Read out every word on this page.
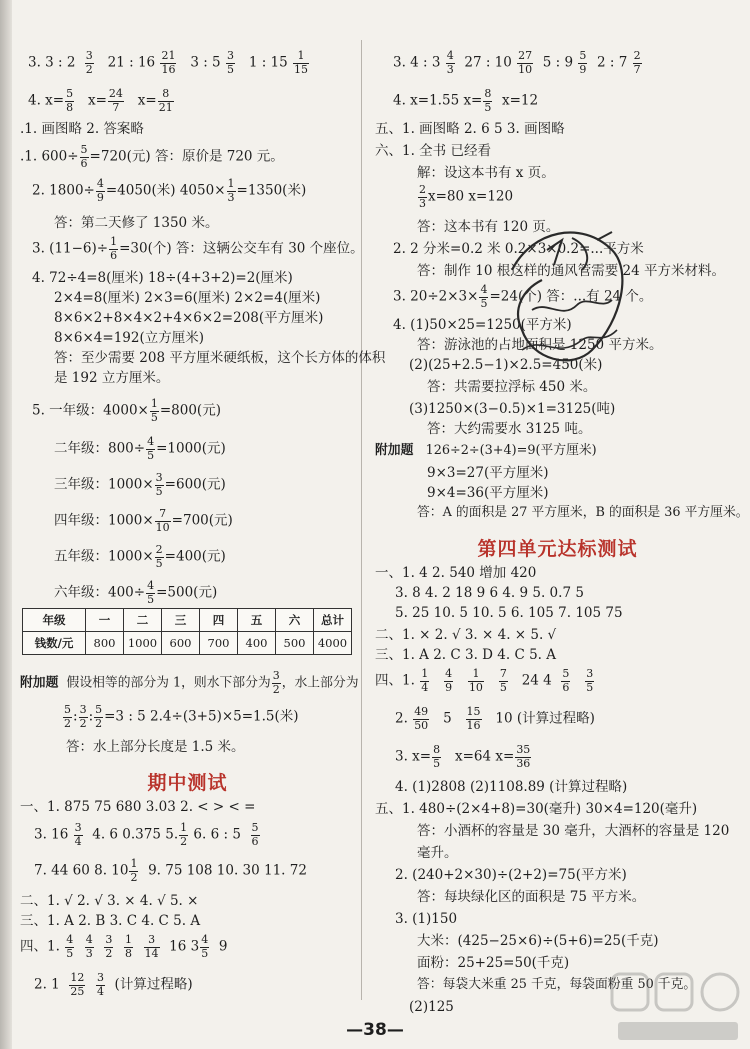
3. 3 : $2 \frac{3}{2} 21$ : $16 \frac{21}{16} 3$ : $5 \frac{3}{5} 1$ : $15 \frac{1}{15}$
4. $x= \frac{5}{8} x= \frac{24}{7} x= \frac{8}{21}$
.1. 画图略 2. 答案略
.1. $600\div \frac{5}{6} =720$(元) 答：原价是 720 元。
2. $1800\div \frac{4}{9} =4050$(米) $4050\times \frac{1}{3} =1350$(米)
答：第二天修了 1350 米。
3. $(11-6)\div \frac{1}{6} =30$(个) 答：这辆公交车有 30 个座位。
4. 72÷4=8(厘米) 18÷(4+3+2)=2(厘米)
2×4=8(厘米) 2×3=6(厘米) 2×2=4(厘米)
8×6×2+8×4×2+4×6×2=208(平方厘米)
8×6×4=192(立方厘米)
答：至少需要 208 平方厘米硬纸板，这个长方体的体积
是 192 立方厘米。
5. 一年级：$4000\times \frac{1}{5} =800$(元)
二年级：$800\div \frac{4}{5} =1000$(元)
三年级：$1000\times \frac{3}{5} =600$(元)
四年级：$1000\times \frac{7}{10} =700$(元)
五年级：$1000\times \frac{2}{5} =400$(元)
六年级：$400\div \frac{4}{5} =500$(元)
年级	一	二	三	四	五	六	总计
钱数/元	800	1000	600	700	400	500	4000
附加题 假设相等的部分为 1，则水下部分为 $\frac{3}{2}$ ，水上部分为
$\frac{5}{2}$ : $\frac{3}{2}$ : $\frac{5}{2} =3$ : 5 2.4÷(3+5)×5=1.5(米)
答：水上部分长度是 1.5 米。
期中测试
一、1. 875 75 680 3.03 2. < > < =
3. $16 \frac{3}{4} 4$. 6 0.375 5. $\frac{1}{2} 6$. 6 : $5 \frac{5}{6}$
7. 44 60 8. $10 \frac{1}{2} 9$. 75 108 10. 30 11. 72
二、1. √ 2. √ 3. × 4. √ 5. ×
三、1. A 2. B 3. C 4. C 5. A
四、1. $\frac{4}{5}$
$\frac{4}{3}$
$\frac{3}{2}$
$\frac{1}{8}$
$\frac{3}{14} 16$ $3 \frac{4}{5} 9$
2. $1 \frac{12}{25}$
$\frac{3}{4}$ (计算过程略)
3. 4 : $3 \frac{4}{3} 27$ : $10 \frac{27}{10} 5$ : $9 \frac{5}{9} 2$ : $7 \frac{2}{7}$
4. x=1.55 $x= \frac{8}{5} x=12$
五、1. 画图略 2. 6 5 3. 画图略
六、1. 全书 已经看
解：设这本书有 x 页。
$\frac{2}{3} x=80$ x=120
答：这本书有 120 页。
2. 2 分米=0.2 米 0.2×3×0.2=...平方米
答：制作 10 根这样的通风管需要 24 平方米材料。
3. $20\div 2\times 3\times \frac{4}{5} =24$(个) 答：...有 24 个。
4. (1)50×25=1250(平方米)
答：游泳池的占地面积是 1250 平方米。
(2)(25+2.5−1)×2.5=450(米)
答：共需要拉浮标 450 米。
(3)1250×(3−0.5)×1=3125(吨)
答：大约需要水 3125 吨。
附加题 126÷2÷(3+4)=9(平方厘米)
9×3=27(平方厘米)
9×4=36(平方厘米)
答：A 的面积是 27 平方厘米，B 的面积是 36 平方厘米。
第四单元达标测试
一、1. 4 2. 540 增加 420
3. 8 4. 2 18 9 6 4. 9 5. 0.7 5
5. 25 10. 5 10. 5 6. 105 7. 105 75
二、1. × 2. √ 3. × 4. × 5. √
三、1. A 2. C 3. D 4. C 5. A
四、1. $\frac{1}{4}$
$\frac{4}{9}$
$\frac{1}{10}$
$\frac{7}{5} 24$ $4 \frac{5}{6}$
$\frac{3}{5}$
2. $\frac{49}{50} 5 \frac{15}{16} 10$ (计算过程略)
3. $x= \frac{8}{5} x=64$ $x= \frac{35}{36}$
4. (1)2808 (2)1108.89 (计算过程略)
五、1. 480÷(2×4+8)=30(毫升) 30×4=120(毫升)
答：小酒杯的容量是 30 毫升，大酒杯的容量是 120
毫升。
2. (240+2×30)÷(2+2)=75(平方米)
答：每块绿化区的面积是 75 平方米。
3. (1)150
大米：(425−25×6)÷(5+6)=25(千克)
面粉：25+25=50(千克)
答：每袋大米重 25 千克，每袋面粉重 50 千克。
(2)125
—38—
